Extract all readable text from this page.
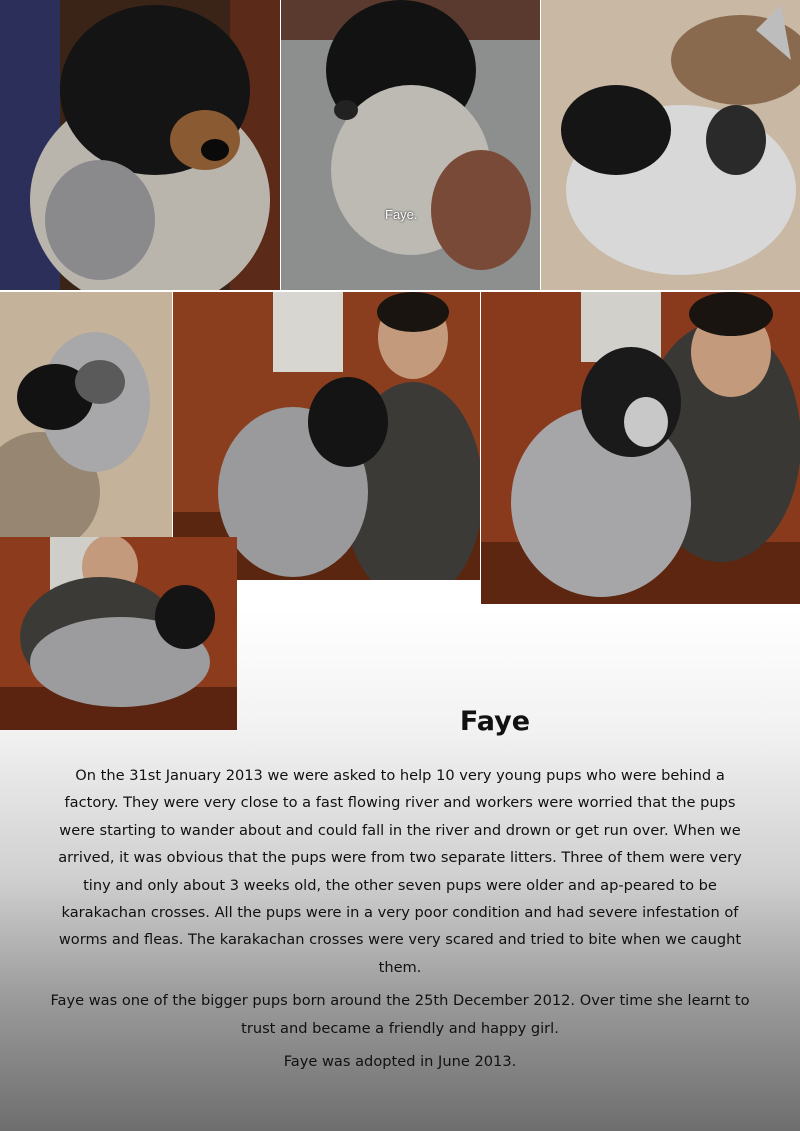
Faye.
Faye

On the 31st January 2013 we were asked to help 10 very young pups who were behind a factory. They were very close to a fast flowing river and workers were worried that the pups were starting to wander about and could fall in the river and drown or get run over. When we arrived, it was obvious that the pups were from two separate litters. Three of them were very tiny and only about 3 weeks old, the other seven pups were older and ap-peared to be karakachan crosses. All the pups were in a very poor condition and had severe infestation of worms and fleas. The karakachan crosses were very scared and tried to bite when we caught them.

Faye was one of the bigger pups born around the 25th December 2012. Over time she learnt to trust and became a friendly and happy girl.

Faye was adopted in June 2013.
